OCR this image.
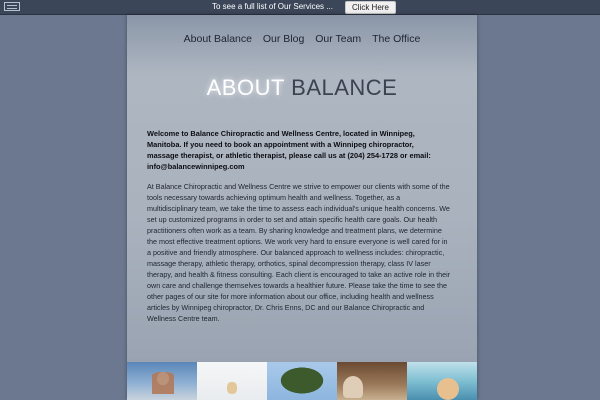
To see a full list of Our Services ...	Click Here
About Balance Our Blog Our Team The Office
ABOUT BALANCE
Welcome to Balance Chiropractic and Wellness Centre, located in Winnipeg, Manitoba. If you need to book an appointment with a Winnipeg chiropractor, massage therapist, or athletic therapist, please call us at (204) 254-1728 or email: info@balancewinnipeg.com
At Balance Chiropractic and Wellness Centre we strive to empower our clients with some of the tools necessary towards achieving optimum health and wellness. Together, as a multidisciplinary team, we take the time to assess each individual's unique health concerns. We set up customized programs in order to set and attain specific health care goals. Our health practitioners often work as a team. By sharing knowledge and treatment plans, we determine the most effective treatment options. We work very hard to ensure everyone is well cared for in a positive and friendly atmosphere. Our balanced approach to wellness includes: chiropractic, massage therapy, athletic therapy, orthotics, spinal decompression therapy, class IV laser therapy, and health & fitness consulting. Each client is encouraged to take an active role in their own care and challenge themselves towards a healthier future. Please take the time to see the other pages of our site for more information about our office, including health and wellness articles by Winnipeg chiropractor, Dr. Chris Enns, DC and our Balance Chiropractic and Wellness Centre team.
